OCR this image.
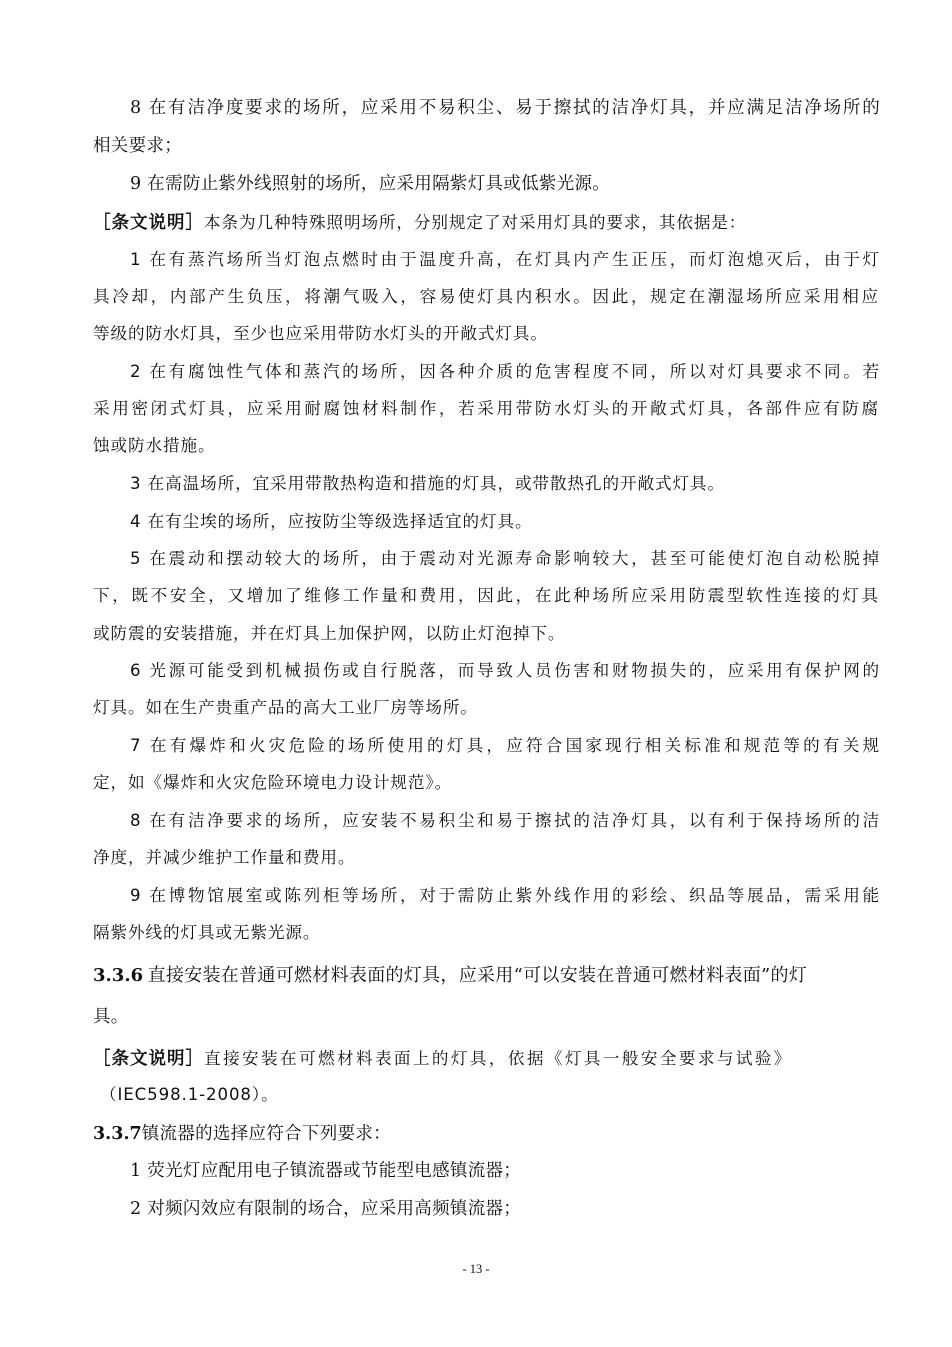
8 在有洁净度要求的场所，应采用不易积尘、易于擦拭的洁净灯具，并应满足洁净场所的
相关要求；
9 在需防止紫外线照射的场所，应采用隔紫灯具或低紫光源。
［条文说明］本条为几种特殊照明场所，分别规定了对采用灯具的要求，其依据是：
1 在有蒸汽场所当灯泡点燃时由于温度升高，在灯具内产生正压，而灯泡熄灭后，由于灯
具冷却，内部产生负压，将潮气吸入，容易使灯具内积水。因此，规定在潮湿场所应采用相应
等级的防水灯具，至少也应采用带防水灯头的开敞式灯具。
2 在有腐蚀性气体和蒸汽的场所，因各种介质的危害程度不同，所以对灯具要求不同。若
采用密闭式灯具，应采用耐腐蚀材料制作，若采用带防水灯头的开敞式灯具，各部件应有防腐
蚀或防水措施。
3 在高温场所，宜采用带散热构造和措施的灯具，或带散热孔的开敞式灯具。
4 在有尘埃的场所，应按防尘等级选择适宜的灯具。
5 在震动和摆动较大的场所，由于震动对光源寿命影响较大，甚至可能使灯泡自动松脱掉
下，既不安全，又增加了维修工作量和费用，因此，在此种场所应采用防震型软性连接的灯具
或防震的安装措施，并在灯具上加保护网，以防止灯泡掉下。
6 光源可能受到机械损伤或自行脱落，而导致人员伤害和财物损失的，应采用有保护网的
灯具。如在生产贵重产品的高大工业厂房等场所。
7 在有爆炸和火灾危险的场所使用的灯具，应符合国家现行相关标准和规范等的有关规
定，如《爆炸和火灾危险环境电力设计规范》。
8 在有洁净要求的场所，应安装不易积尘和易于擦拭的洁净灯具，以有利于保持场所的洁
净度，并减少维护工作量和费用。
9 在博物馆展室或陈列柜等场所，对于需防止紫外线作用的彩绘、织品等展品，需采用能
隔紫外线的灯具或无紫光源。
3.3.6 直接安装在普通可燃材料表面的灯具，应采用“可以安装在普通可燃材料表面”的灯
具。
［条文说明］直接安装在可燃材料表面上的灯具，依据《灯具一般安全要求与试验》
（IEC598.1-2008）。
3.3.7镇流器的选择应符合下列要求：
1 荧光灯应配用电子镇流器或节能型电感镇流器；
2 对频闪效应有限制的场合，应采用高频镇流器；
- 13 -
